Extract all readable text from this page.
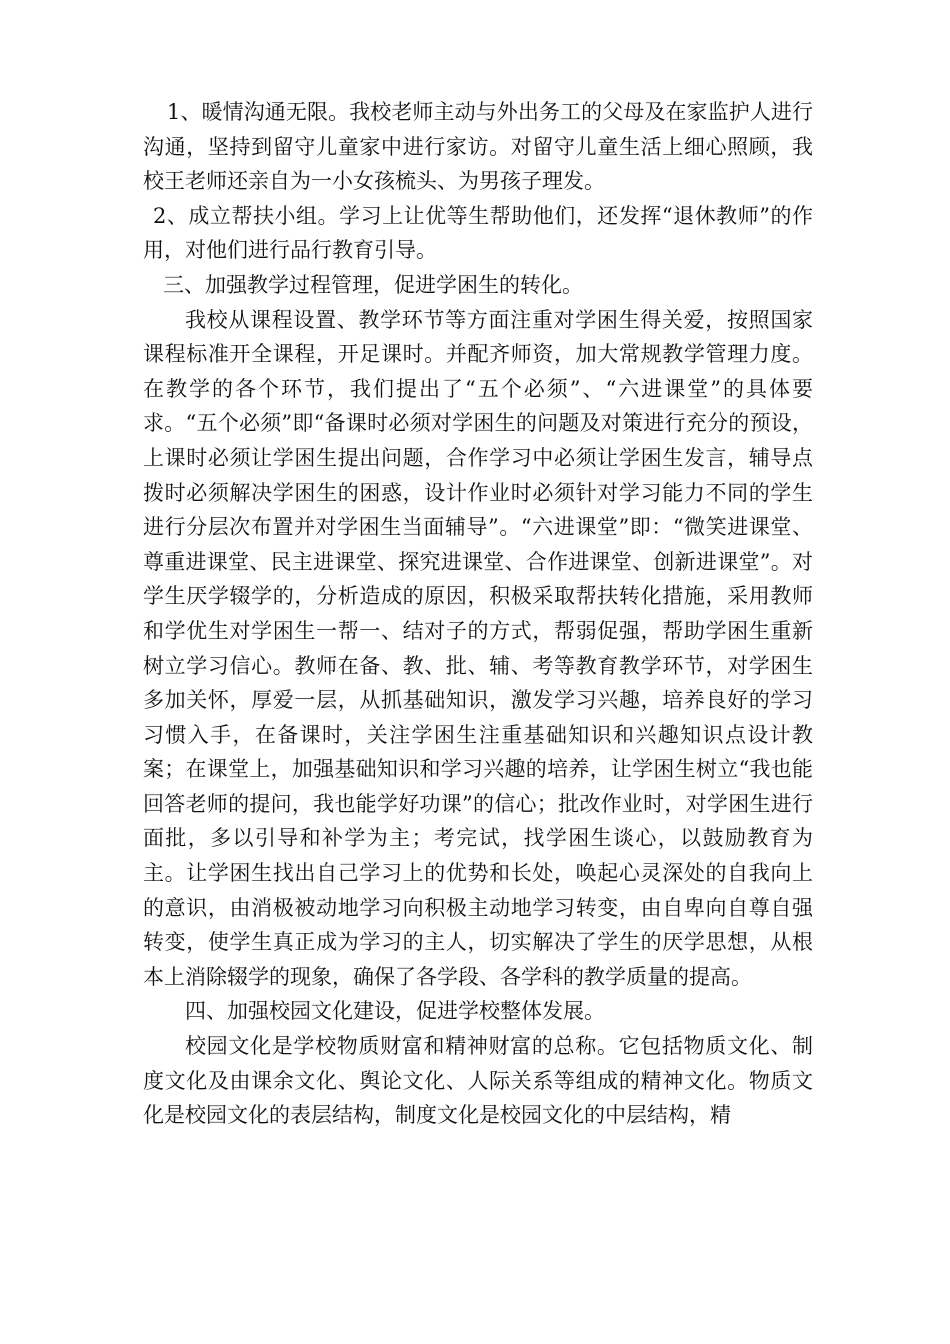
1、暖情沟通无限。我校老师主动与外出务工的父母及在家监护人进行沟通，坚持到留守儿童家中进行家访。对留守儿童生活上细心照顾，我校王老师还亲自为一小女孩梳头、为男孩子理发。

2、成立帮扶小组。学习上让优等生帮助他们，还发挥“退休教师”的作用，对他们进行品行教育引导。

三、加强教学过程管理，促进学困生的转化。

我校从课程设置、教学环节等方面注重对学困生得关爱，按照国家课程标准开全课程，开足课时。并配齐师资，加大常规教学管理力度。在教学的各个环节，我们提出了“五个必须”、“六进课堂”的具体要求。“五个必须”即“备课时必须对学困生的问题及对策进行充分的预设，上课时必须让学困生提出问题，合作学习中必须让学困生发言，辅导点拨时必须解决学困生的困惑，设计作业时必须针对学习能力不同的学生进行分层次布置并对学困生当面辅导”。“六进课堂”即：“微笑进课堂、尊重进课堂、民主进课堂、探究进课堂、合作进课堂、创新进课堂”。对学生厌学辍学的，分析造成的原因，积极采取帮扶转化措施，采用教师和学优生对学困生一帮一、结对子的方式，帮弱促强，帮助学困生重新树立学习信心。教师在备、教、批、辅、考等教育教学环节，对学困生多加关怀，厚爱一层，从抓基础知识，激发学习兴趣，培养良好的学习习惯入手，在备课时，关注学困生注重基础知识和兴趣知识点设计教案；在课堂上，加强基础知识和学习兴趣的培养，让学困生树立“我也能回答老师的提问，我也能学好功课”的信心；批改作业时，对学困生进行面批，多以引导和补学为主；考完试，找学困生谈心，以鼓励教育为主。让学困生找出自己学习上的优势和长处，唤起心灵深处的自我向上的意识，由消极被动地学习向积极主动地学习转变，由自卑向自尊自强转变，使学生真正成为学习的主人，切实解决了学生的厌学思想，从根本上消除辍学的现象，确保了各学段、各学科的教学质量的提高。

四、加强校园文化建设，促进学校整体发展。

校园文化是学校物质财富和精神财富的总称。它包括物质文化、制度文化及由课余文化、舆论文化、人际关系等组成的精神文化。物质文化是校园文化的表层结构，制度文化是校园文化的中层结构，精
